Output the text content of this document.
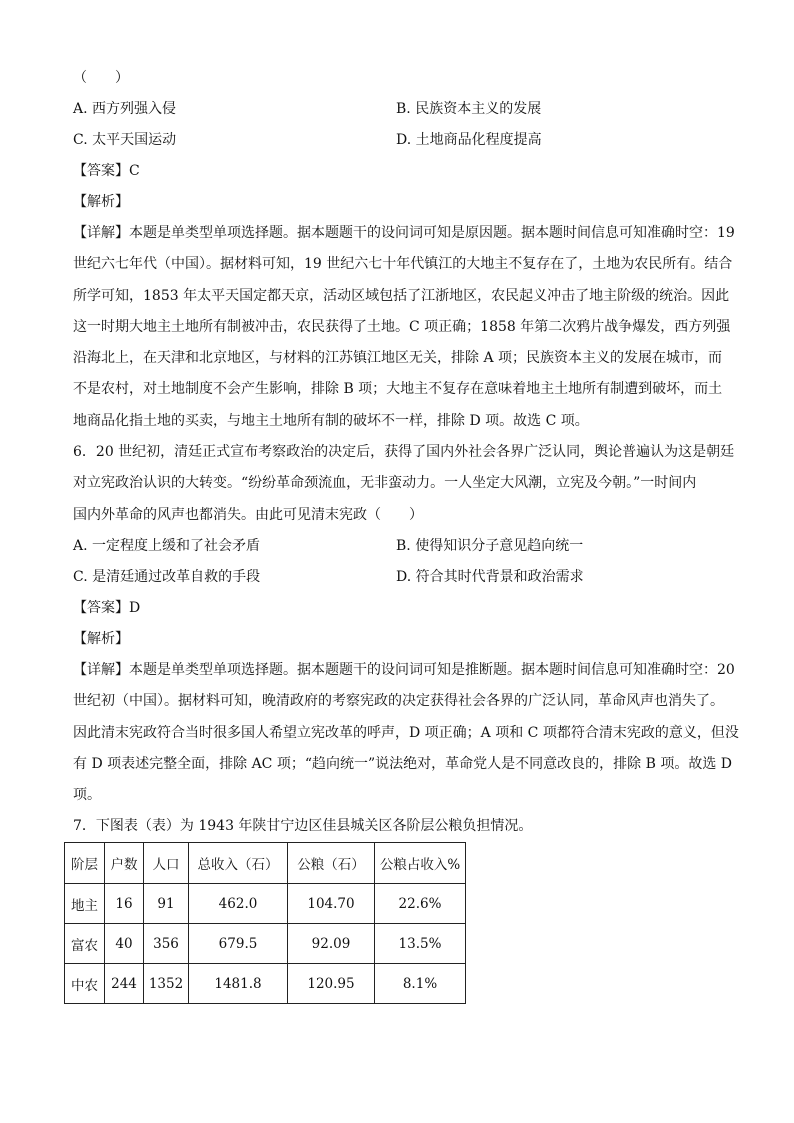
（　　）
A. 西方列强入侵	B. 民族资本主义的发展
C. 太平天国运动	D. 土地商品化程度提高
【答案】C
【解析】
【详解】本题是单类型单项选择题。据本题题干的设问词可知是原因题。据本题时间信息可知准确时空：19
世纪六七年代（中国）。据材料可知，19 世纪六七十年代镇江的大地主不复存在了，土地为农民所有。结合
所学可知，1853 年太平天国定都天京，活动区域包括了江浙地区，农民起义冲击了地主阶级的统治。因此
这一时期大地主土地所有制被冲击，农民获得了土地。C 项正确；1858 年第二次鸦片战争爆发，西方列强
沿海北上，在天津和北京地区，与材料的江苏镇江地区无关，排除 A 项；民族资本主义的发展在城市，而
不是农村，对土地制度不会产生影响，排除 B 项；大地主不复存在意味着地主土地所有制遭到破坏，而土
地商品化指土地的买卖，与地主土地所有制的破坏不一样，排除 D 项。故选 C 项。
6．20 世纪初，清廷正式宣布考察政治的决定后，获得了国内外社会各界广泛认同，舆论普遍认为这是朝廷
对立宪政治认识的大转变。“纷纷革命颈流血，无非蛮动力。一人坐定大风潮，立宪及今朝。”一时间内
国内外革命的风声也都消失。由此可见清末宪政（　　）
A. 一定程度上缓和了社会矛盾	B. 使得知识分子意见趋向统一
C. 是清廷通过改革自救的手段	D. 符合其时代背景和政治需求
【答案】D
【解析】
【详解】本题是单类型单项选择题。据本题题干的设问词可知是推断题。据本题时间信息可知准确时空：20
世纪初（中国）。据材料可知，晚清政府的考察宪政的决定获得社会各界的广泛认同，革命风声也消失了。
因此清末宪政符合当时很多国人希望立宪改革的呼声，D 项正确；A 项和 C 项都符合清末宪政的意义，但没
有 D 项表述完整全面，排除 AC 项；“趋向统一”说法绝对，革命党人是不同意改良的，排除 B 项。故选 D
项。
7．下图表（表）为 1943 年陕甘宁边区佳县城关区各阶层公粮负担情况。
阶层	户数	人口	总收入（石）	公粮（石）	公粮占收入%
地主	16	91	462.0	104.70	22.6%
富农	40	356	679.5	92.09	13.5%
中农	244	1352	1481.8	120.95	8.1%
